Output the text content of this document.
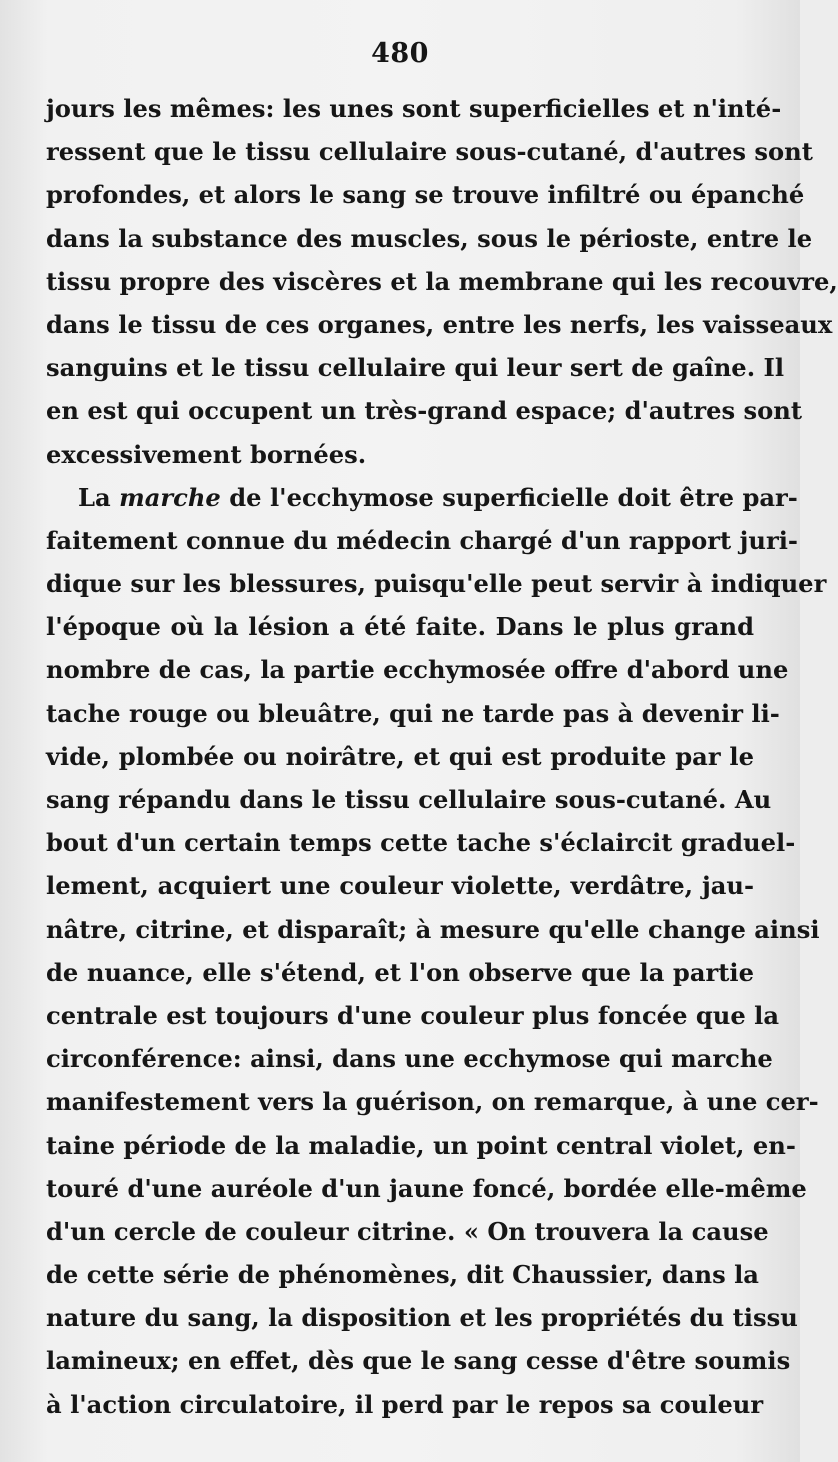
480
jours les mêmes: les unes sont superficielles et n'inté-
ressent que le tissu cellulaire sous-cutané, d'autres sont
profondes, et alors le sang se trouve infiltré ou épanché
dans la substance des muscles, sous le périoste, entre le
tissu propre des viscères et la membrane qui les recouvre,
dans le tissu de ces organes, entre les nerfs, les vaisseaux
sanguins et le tissu cellulaire qui leur sert de gaîne. Il
en est qui occupent un très-grand espace; d'autres sont
excessivement bornées.
La marche de l'ecchymose superficielle doit être par-
faitement connue du médecin chargé d'un rapport juri-
dique sur les blessures, puisqu'elle peut servir à indiquer
l'époque où la lésion a été faite. Dans le plus grand
nombre de cas, la partie ecchymosée offre d'abord une
tache rouge ou bleuâtre, qui ne tarde pas à devenir li-
vide, plombée ou noirâtre, et qui est produite par le
sang répandu dans le tissu cellulaire sous-cutané. Au
bout d'un certain temps cette tache s'éclaircit graduel-
lement, acquiert une couleur violette, verdâtre, jau-
nâtre, citrine, et disparaît; à mesure qu'elle change ainsi
de nuance, elle s'étend, et l'on observe que la partie
centrale est toujours d'une couleur plus foncée que la
circonférence: ainsi, dans une ecchymose qui marche
manifestement vers la guérison, on remarque, à une cer-
taine période de la maladie, un point central violet, en-
touré d'une auréole d'un jaune foncé, bordée elle-même
d'un cercle de couleur citrine. « On trouvera la cause
de cette série de phénomènes, dit Chaussier, dans la
nature du sang, la disposition et les propriétés du tissu
lamineux; en effet, dès que le sang cesse d'être soumis
à l'action circulatoire, il perd par le repos sa couleur
